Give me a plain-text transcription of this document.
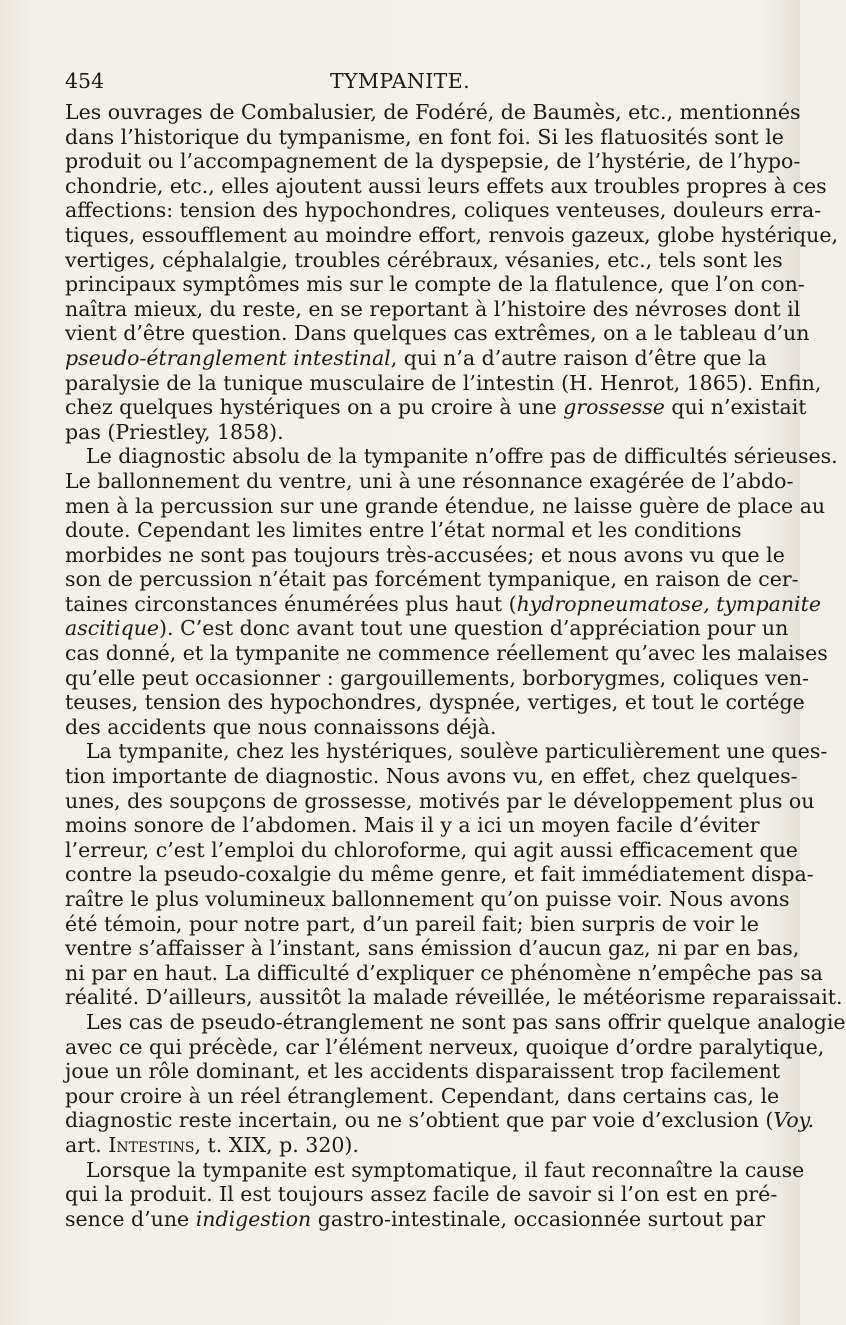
454	TYMPANITE.
Les ouvrages de Combalusier, de Fodéré, de Baumès, etc., mentionnés
dans l’historique du tympanisme, en font foi. Si les flatuosités sont le
produit ou l’accompagnement de la dyspepsie, de l’hystérie, de l’hypo-
chondrie, etc., elles ajoutent aussi leurs effets aux troubles propres à ces
affections: tension des hypochondres, coliques venteuses, douleurs erra-
tiques, essoufflement au moindre effort, renvois gazeux, globe hystérique,
vertiges, céphalalgie, troubles cérébraux, vésanies, etc., tels sont les
principaux symptômes mis sur le compte de la flatulence, que l’on con-
naîtra mieux, du reste, en se reportant à l’histoire des névroses dont il
vient d’être question. Dans quelques cas extrêmes, on a le tableau d’un
pseudo-étranglement intestinal, qui n’a d’autre raison d’être que la
paralysie de la tunique musculaire de l’intestin (H. Henrot, 1865). Enfin,
chez quelques hystériques on a pu croire à une grossesse qui n’existait
pas (Priestley, 1858).
Le diagnostic absolu de la tympanite n’offre pas de difficultés sérieuses.
Le ballonnement du ventre, uni à une résonnance exagérée de l’abdo-
men à la percussion sur une grande étendue, ne laisse guère de place au
doute. Cependant les limites entre l’état normal et les conditions
morbides ne sont pas toujours très-accusées; et nous avons vu que le
son de percussion n’était pas forcément tympanique, en raison de cer-
taines circonstances énumérées plus haut (hydropneumatose, tympanite
ascitique). C’est donc avant tout une question d’appréciation pour un
cas donné, et la tympanite ne commence réellement qu’avec les malaises
qu’elle peut occasionner : gargouillements, borborygmes, coliques ven-
teuses, tension des hypochondres, dyspnée, vertiges, et tout le cortége
des accidents que nous connaissons déjà.
La tympanite, chez les hystériques, soulève particulièrement une ques-
tion importante de diagnostic. Nous avons vu, en effet, chez quelques-
unes, des soupçons de grossesse, motivés par le développement plus ou
moins sonore de l’abdomen. Mais il y a ici un moyen facile d’éviter
l’erreur, c’est l’emploi du chloroforme, qui agit aussi efficacement que
contre la pseudo-coxalgie du même genre, et fait immédiatement dispa-
raître le plus volumineux ballonnement qu’on puisse voir. Nous avons
été témoin, pour notre part, d’un pareil fait; bien surpris de voir le
ventre s’affaisser à l’instant, sans émission d’aucun gaz, ni par en bas,
ni par en haut. La difficulté d’expliquer ce phénomène n’empêche pas sa
réalité. D’ailleurs, aussitôt la malade réveillée, le météorisme reparaissait.
Les cas de pseudo-étranglement ne sont pas sans offrir quelque analogie
avec ce qui précède, car l’élément nerveux, quoique d’ordre paralytique,
joue un rôle dominant, et les accidents disparaissent trop facilement
pour croire à un réel étranglement. Cependant, dans certains cas, le
diagnostic reste incertain, ou ne s’obtient que par voie d’exclusion (Voy.
art. Intestins, t. XIX, p. 320).
Lorsque la tympanite est symptomatique, il faut reconnaître la cause
qui la produit. Il est toujours assez facile de savoir si l’on est en pré-
sence d’une indigestion gastro-intestinale, occasionnée surtout par
